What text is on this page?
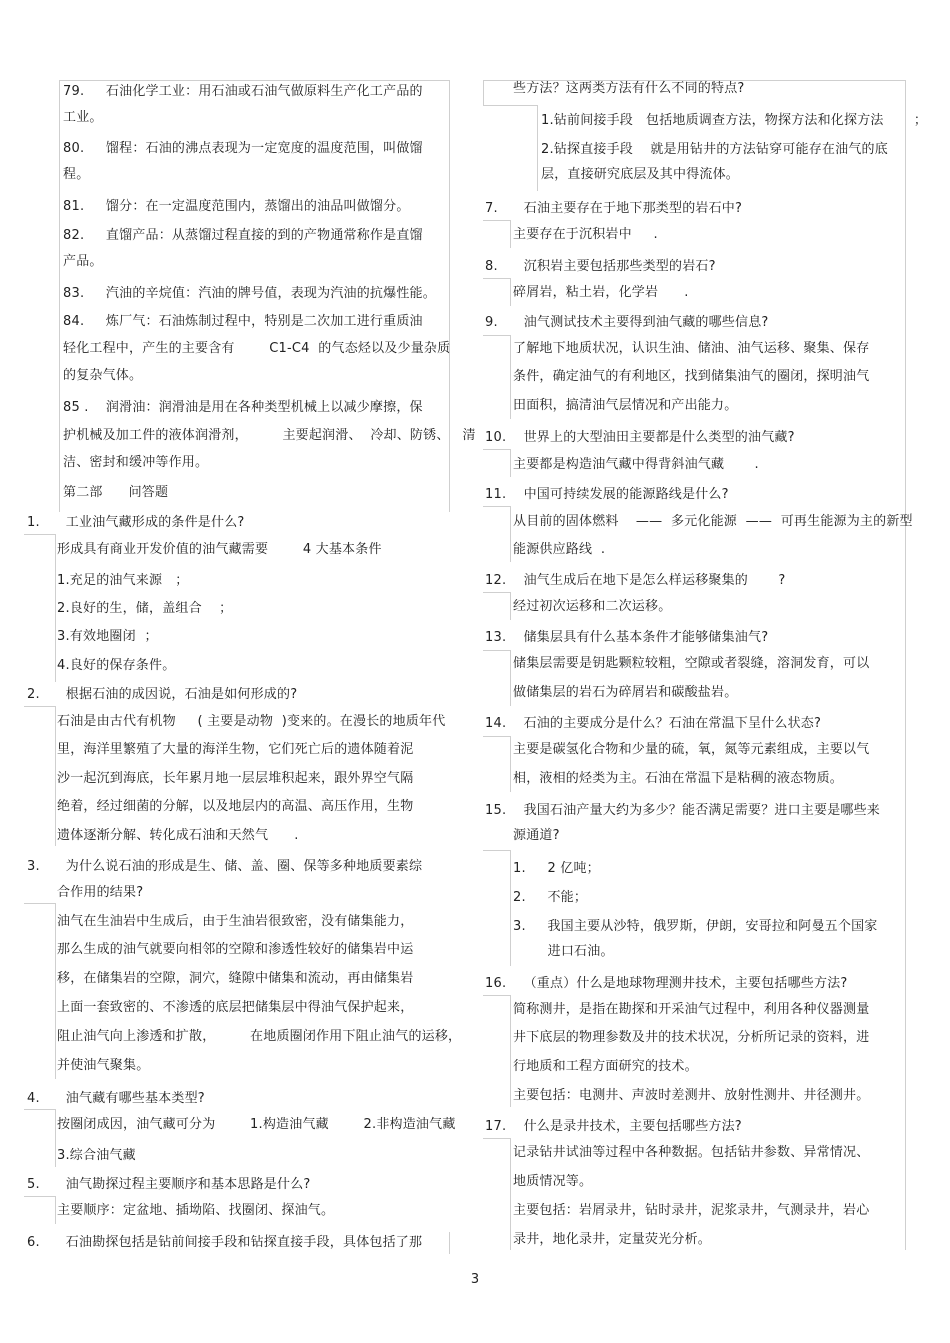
79.     石油化学工业：用石油或石油气做原料生产化工产品的
工业。
80.     馏程：石油的沸点表现为一定宽度的温度范围，叫做馏
程。
81.     馏分：在一定温度范围内，蒸馏出的油品叫做馏分。
82.     直馏产品：从蒸馏过程直接的到的产物通常称作是直馏
产品。
83.     汽油的辛烷值：汽油的牌号值，表现为汽油的抗爆性能。
84.     炼厂气：石油炼制过程中，特别是二次加工进行重质油
轻化工程中，产生的主要含有        C1-C4  的气态烃以及少量杂质
的复杂气体。
85 .    润滑油：润滑油是用在各种类型机械上以减少摩擦，保
护机械及加工件的液体润滑剂，        主要起润滑、  冷却、防锈、   清
洁、密封和缓冲等作用。
第二部      问答题
1.      工业油气藏形成的条件是什么?
形成具有商业开发价值的油气藏需要        4 大基本条件
1.充足的油气来源   ；
2.良好的生，储，盖组合    ；
3.有效地圈闭  ；
4.良好的保存条件。
2.      根据石油的成因说，石油是如何形成的?
石油是由古代有机物     ( 主要是动物  )变来的。在漫长的地质年代
里，海洋里繁殖了大量的海洋生物，它们死亡后的遗体随着泥
沙一起沉到海底，长年累月地一层层堆积起来，跟外界空气隔
绝着，经过细菌的分解，以及地层内的高温、高压作用，生物
遗体逐渐分解、转化成石油和天然气      .
3.      为什么说石油的形成是生、储、盖、圈、保等多种地质要素综
合作用的结果?
油气在生油岩中生成后，由于生油岩很致密，没有储集能力，
那么生成的油气就要向相邻的空隙和渗透性较好的储集岩中运
移，在储集岩的空隙，洞穴，缝隙中储集和流动，再由储集岩
上面一套致密的、不渗透的底层把储集层中得油气保护起来，
阻止油气向上渗透和扩散，        在地质圈闭作用下阻止油气的运移，
并使油气聚集。
4.      油气藏有哪些基本类型?
按圈闭成因，油气藏可分为        1.构造油气藏        2.非构造油气藏
3.综合油气藏
5.      油气勘探过程主要顺序和基本思路是什么?
主要顺序：定盆地、插坳陷、找圈闭、探油气。
6.      石油勘探包括是钻前间接手段和钻探直接手段，具体包括了那
些方法？这两类方法有什么不同的特点?
1.钻前间接手段   包括地质调查方法，物探方法和化探方法       ；
2.钻探直接手段    就是用钻井的方法钻穿可能存在油气的底
层，直接研究底层及其中得流体。
7.      石油主要存在于地下那类型的岩石中?
主要存在于沉积岩中     .
8.      沉积岩主要包括那些类型的岩石?
碎屑岩，粘土岩，化学岩      .
9.      油气测试技术主要得到油气藏的哪些信息?
了解地下地质状况，认识生油、储油、油气运移、聚集、保存
条件，确定油气的有利地区，找到储集油气的圈闭，探明油气
田面积，搞清油气层情况和产出能力。
10.    世界上的大型油田主要都是什么类型的油气藏?
主要都是构造油气藏中得背斜油气藏       .
11.    中国可持续发展的能源路线是什么?
从目前的固体燃料    ——  多元化能源  ——  可再生能源为主的新型
能源供应路线  .
12.    油气生成后在地下是怎么样运移聚集的       ?
经过初次运移和二次运移。
13.    储集层具有什么基本条件才能够储集油气?
储集层需要是钥匙颗粒较粗，空隙或者裂缝，溶洞发育，可以
做储集层的岩石为碎屑岩和碳酸盐岩。
14.    石油的主要成分是什么？石油在常温下呈什么状态?
主要是碳氢化合物和少量的硫，氧，氮等元素组成，主要以气
相，液相的烃类为主。石油在常温下是粘稠的液态物质。
15.    我国石油产量大约为多少？能否满足需要？进口主要是哪些来
源通道?
1.     2 亿吨；
2.     不能；
3.     我国主要从沙特，俄罗斯，伊朗，安哥拉和阿曼五个国家
进口石油。
16.    （重点）什么是地球物理测井技术，主要包括哪些方法?
简称测井，是指在勘探和开采油气过程中，利用各种仪器测量
井下底层的物理参数及井的技术状况，分析所记录的资料，进
行地质和工程方面研究的技术。
主要包括：电测井、声波时差测井、放射性测井、井径测井。
17.    什么是录井技术，主要包括哪些方法?
记录钻井试油等过程中各种数据。包括钻井参数、异常情况、
地质情况等。
主要包括：岩屑录井，钻时录井，泥浆录井，气测录井，岩心
录井，地化录井，定量荧光分析。
3
